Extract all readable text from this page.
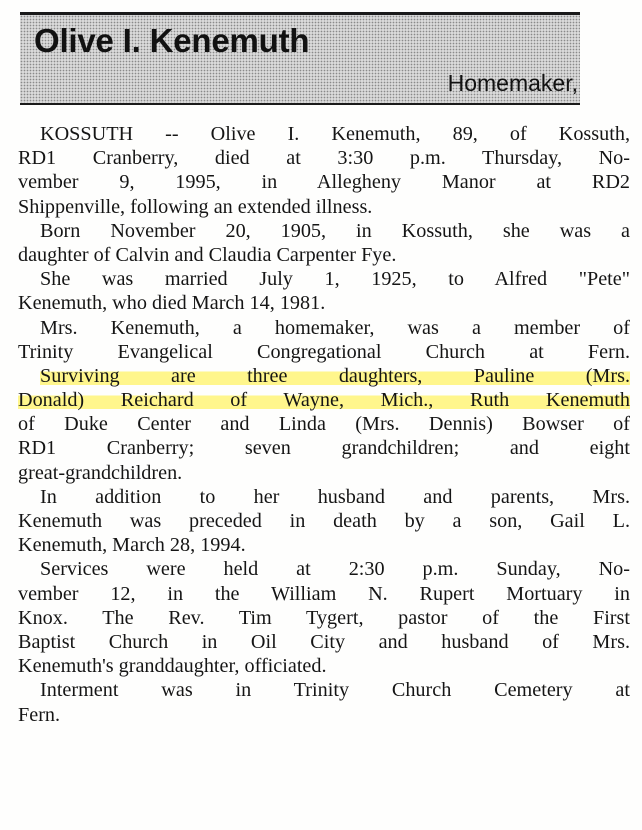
Olive I. Kenemuth
Homemaker,
KOSSUTH -- Olive I. Kenemuth, 89, of Kossuth,
RD1 Cranberry, died at 3:30 p.m. Thursday, No-
vember 9, 1995, in Allegheny Manor at RD2
Shippenville, following an extended illness.
Born November 20, 1905, in Kossuth, she was a
daughter of Calvin and Claudia Carpenter Fye.
She was married July 1, 1925, to Alfred "Pete"
Kenemuth, who died March 14, 1981.
Mrs. Kenemuth, a homemaker, was a member of
Trinity Evangelical Congregational Church at Fern.
Surviving are three daughters, Pauline (Mrs.
Donald) Reichard of Wayne, Mich., Ruth Kenemuth
of Duke Center and Linda (Mrs. Dennis) Bowser of
RD1 Cranberry; seven grandchildren; and eight
great-grandchildren.
In addition to her husband and parents, Mrs.
Kenemuth was preceded in death by a son, Gail L.
Kenemuth, March 28, 1994.
Services were held at 2:30 p.m. Sunday, No-
vember 12, in the William N. Rupert Mortuary in
Knox. The Rev. Tim Tygert, pastor of the First
Baptist Church in Oil City and husband of Mrs.
Kenemuth's granddaughter, officiated.
Interment was in Trinity Church Cemetery at
Fern.
